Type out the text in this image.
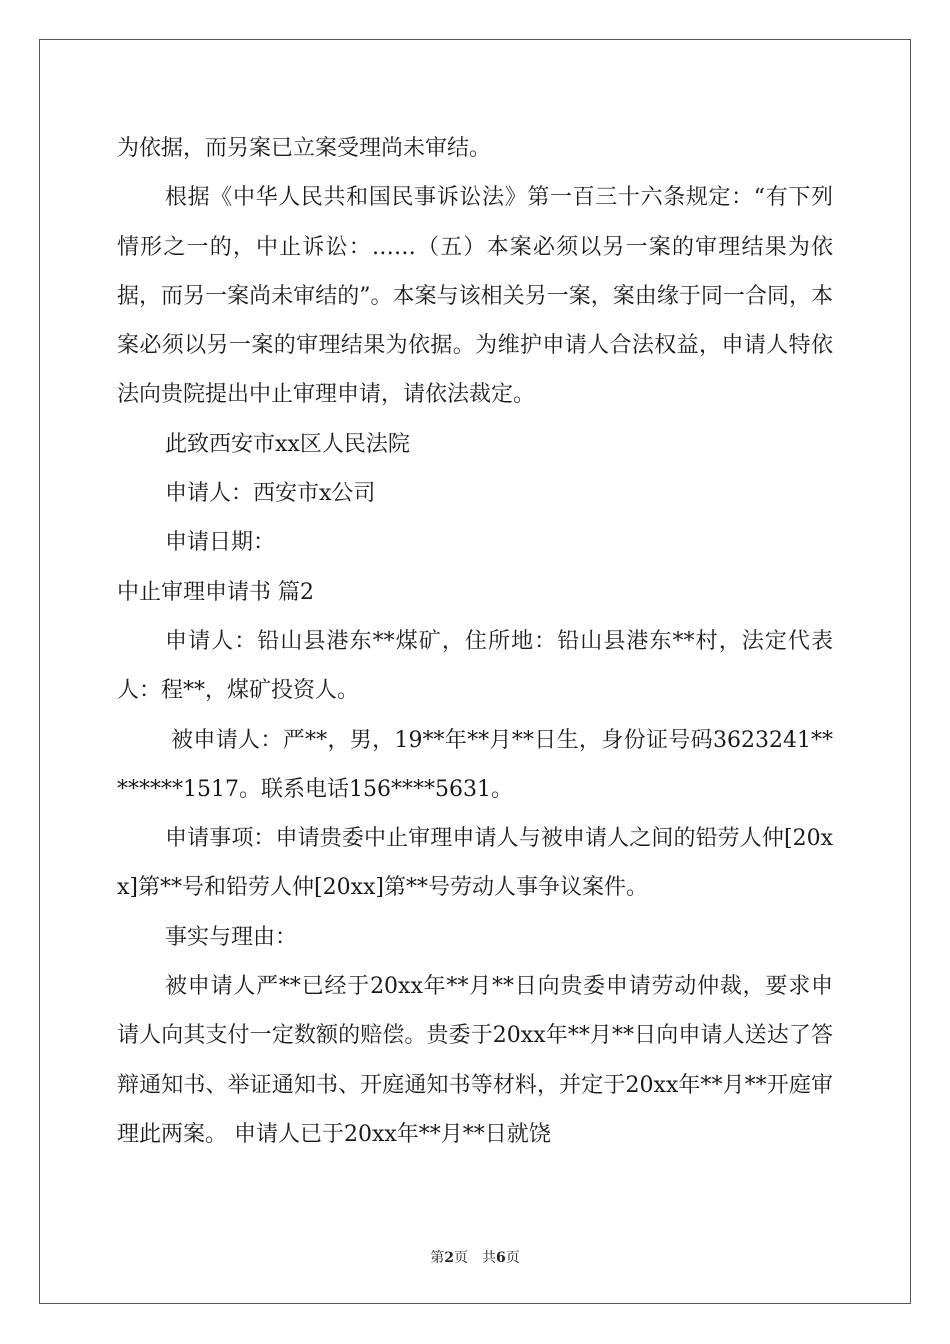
为依据，而另案已立案受理尚未审结。

根据《中华人民共和国民事诉讼法》第一百三十六条规定：“有下列情形之一的，中止诉讼：……（五）本案必须以另一案的审理结果为依据，而另一案尚未审结的”。本案与该相关另一案，案由缘于同一合同，本案必须以另一案的审理结果为依据。为维护申请人合法权益，申请人特依法向贵院提出中止审理申请，请依法裁定。

此致西安市xx区人民法院

申请人：西安市x公司

申请日期：

中止审理申请书 篇2

申请人：铅山县港东**煤矿，住所地：铅山县港东**村，法定代表人：程**，煤矿投资人。

被申请人：严**，男，19**年**月**日生，身份证号码3623241********1517。联系电话156****5631。

申请事项：申请贵委中止审理申请人与被申请人之间的铅劳人仲[20xx]第**号和铅劳人仲[20xx]第**号劳动人事争议案件。

事实与理由：

被申请人严**已经于20xx年**月**日向贵委申请劳动仲裁，要求申请人向其支付一定数额的赔偿。贵委于20xx年**月**日向申请人送达了答辩通知书、举证通知书、开庭通知书等材料，并定于20xx年**月**开庭审理此两案。 申请人已于20xx年**月**日就饶

第2页　共6页
